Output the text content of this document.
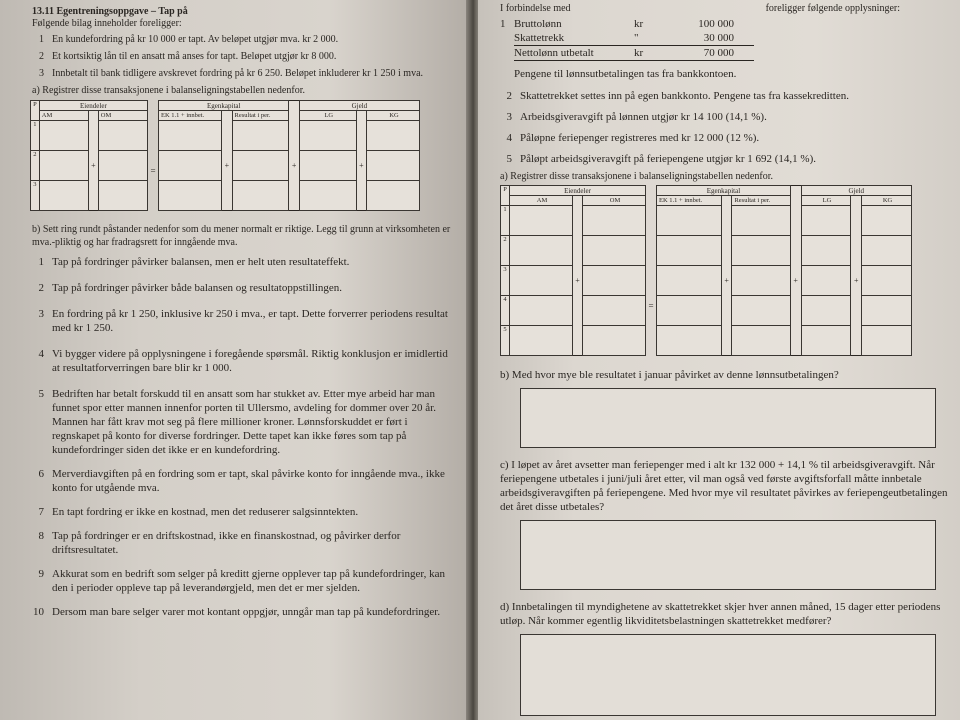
13.11 Egentreningsoppgave – Tap på

Følgende bilag inneholder foreligger:
1 En kundefordring på kr 10 000 er tapt. Av beløpet utgjør mva. kr 2 000.
2 Et kortsiktig lån til en ansatt må anses for tapt. Beløpet utgjør kr 8 000.
3 Innbetalt til bank tidligere avskrevet fordring på kr 6 250. Beløpet inkluderer kr 1 250 i mva.
a) Registrer disse transaksjonene i balanseligningstabellen nedenfor.
P	Eiendeler		
	AM		OM
1			
2		+	
3			
=
Egenkapital				Gjeld		
EK 1.1 + innbet.		Resultat i per.		LG		KG

	+		+		+	

b) Sett ring rundt påstander nedenfor som du mener normalt er riktige. Legg til grunn at virksomheten er mva.-pliktig og har fradragsrett for inngående mva.
1 Tap på fordringer påvirker balansen, men er helt uten resultateffekt.
2 Tap på fordringer påvirker både balansen og resultatoppstillingen.
3 En fordring på kr 1 250, inklusive kr 250 i mva., er tapt. Dette forverrer periodens resultat med kr 1 250.
4 Vi bygger videre på opplysningene i foregående spørsmål. Riktig konklusjon er imidlertid at resultatforverringen bare blir kr 1 000.
5 Bedriften har betalt forskudd til en ansatt som har stukket av. Etter mye arbeid har man funnet spor etter mannen innenfor porten til Ullersmo, avdeling for dommer over 20 år. Mannen har fått krav mot seg på flere millioner kroner. Lønnsforskuddet er ført i regnskapet på konto for diverse fordringer. Dette tapet kan ikke føres som tap på kundefordringer siden det ikke er en kundefordring.
6 Merverdiavgiften på en fordring som er tapt, skal påvirke konto for inngående mva., ikke konto for utgående mva.
7 En tapt fordring er ikke en kostnad, men det reduserer salgsinntekten.
8 Tap på fordringer er en driftskostnad, ikke en finanskostnad, og påvirker derfor driftsresultatet.
9 Akkurat som en bedrift som selger på kreditt gjerne opplever tap på kundefordringer, kan den i perioder oppleve tap på leverandørgjeld, men det er mer sjelden.
10 Dersom man bare selger varer mot kontant oppgjør, unngår man tap på kundefordringer.
I forbindelse med	foreligger følgende opplysninger:
1 Bruttolønn	kr	100 000
Skattetrekk	"	30 000
Nettolønn utbetalt	kr	70 000
Pengene til lønnsutbetalingen tas fra bankkontoen.
2 Skattetrekket settes inn på egen bankkonto. Pengene tas fra kassekreditten.
3 Arbeidsgiveravgift på lønnen utgjør kr 14 100 (14,1 %).
4 Påløpne feriepenger registreres med kr 12 000 (12 %).
5 Påløpt arbeidsgiveravgift på feriepengene utgjør kr 1 692 (14,1 %).
a) Registrer disse transaksjonene i balanseligningstabellen nedenfor.
P	Eiendeler		
	AM		OM
1			
2			
3		+	
4			
5			
=
Egenkapital				Gjeld		
EK 1.1 + innbet.		Resultat i per.		LG		KG

	+		+		+	

b) Med hvor mye ble resultatet i januar påvirket av denne lønnsutbetalingen?
c) I løpet av året avsetter man feriepenger med i alt kr 132 000 + 14,1 % til arbeidsgiveravgift. Når feriepengene utbetales i juni/juli året etter, vil man også ved første avgiftsforfall måtte innbetale arbeidsgiveravgiften på feriepengene. Med hvor mye vil resultatet påvirkes av feriepengeutbetalingen det året disse utbetales?
d) Innbetalingen til myndighetene av skattetrekket skjer hver annen måned, 15 dager etter periodens utløp. Når kommer egentlig likviditetsbelastningen skattetrekket medfører?
